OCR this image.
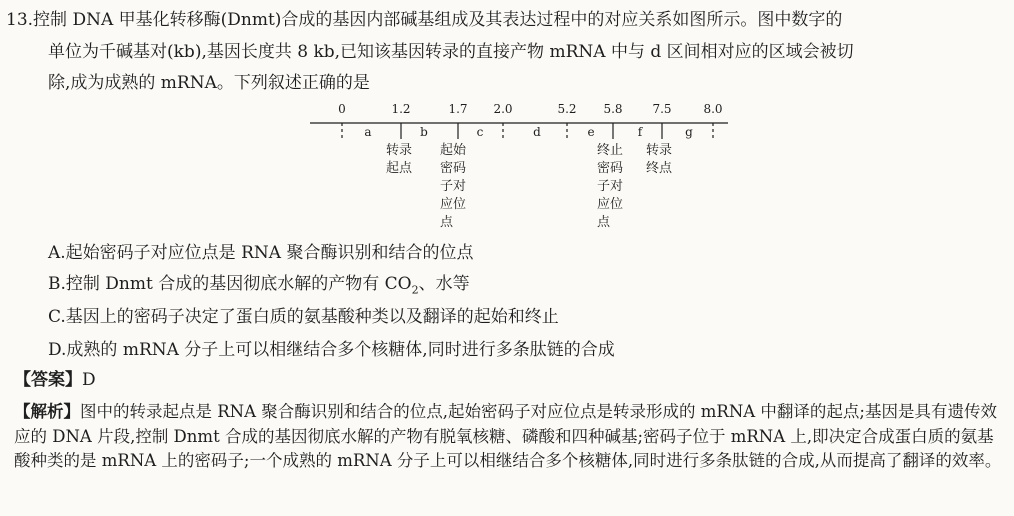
13.控制 DNA 甲基化转移酶(Dnmt)合成的基因内部碱基组成及其表达过程中的对应关系如图所示。图中数字的
单位为千碱基对(kb),基因长度共 8 kb,已知该基因转录的直接产物 mRNA 中与 d 区间相对应的区域会被切
除,成为成熟的 mRNA。下列叙述正确的是
0	1.2	1.7 2.0	5.2 5.8 7.5	8.0
a	b	c	d	e	f	g
转录
起点
起始
密码
子对
应位
点
终止
密码
子对
应位
点
转录
终点
A.起始密码子对应位点是 RNA 聚合酶识别和结合的位点
B.控制 Dnmt 合成的基因彻底水解的产物有 $CO_2$、水等
C.基因上的密码子决定了蛋白质的氨基酸种类以及翻译的起始和终止
D.成熟的 mRNA 分子上可以相继结合多个核糖体,同时进行多条肽链的合成
【答案】D
【解析】图中的转录起点是 RNA 聚合酶识别和结合的位点,起始密码子对应位点是转录形成的 mRNA 中翻译的起点;基因是具有遗传效应的 DNA 片段,控制 Dnmt 合成的基因彻底水解的产物有脱氧核糖、磷酸和四种碱基;密码子位于 mRNA 上,即决定合成蛋白质的氨基酸种类的是 mRNA 上的密码子;一个成熟的 mRNA 分子上可以相继结合多个核糖体,同时进行多条肽链的合成,从而提高了翻译的效率。
